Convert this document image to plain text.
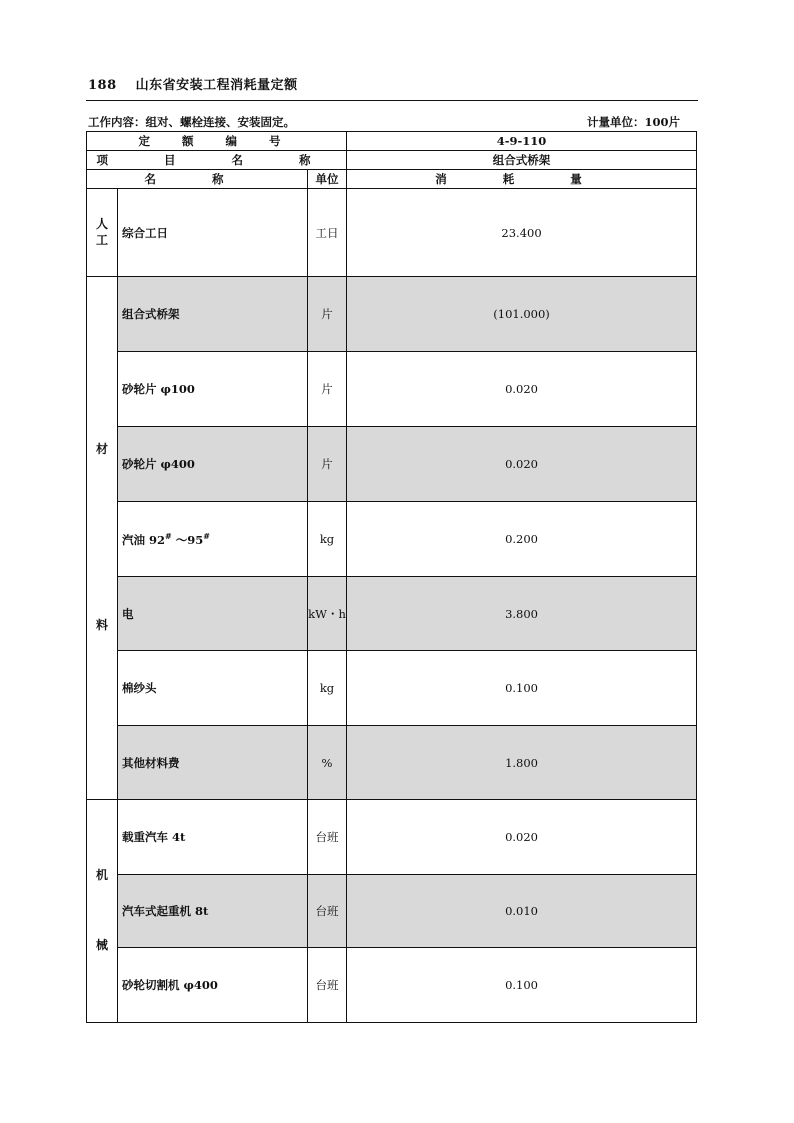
188 山东省安装工程消耗量定额
工作内容：组对、螺栓连接、安装固定。	计量单位：100片
定 额 编 号			4-9-110
项 目 名 称			组合式桥架
名 称		单位	消 耗 量

人
工	综合工日	工日	23.400

材
料	组合式桥架	片	(101.000)
	砂轮片 φ100	片	0.020
	砂轮片 φ400	片	0.020
	汽油 92# ～95#	kg	0.200
	电	kW・h	3.800
	棉纱头	kg	0.100
	其他材料费	%	1.800

机
械	载重汽车 4t	台班	0.020
	汽车式起重机 8t	台班	0.010
	砂轮切割机 φ400	台班	0.100
